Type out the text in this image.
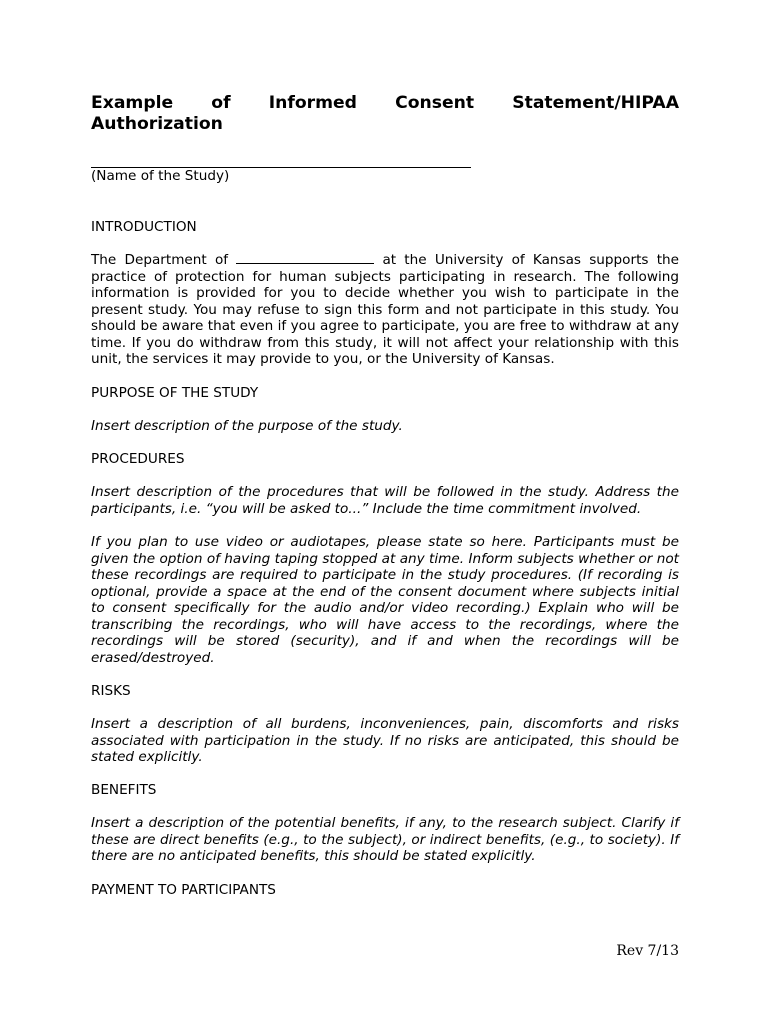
Example of Informed Consent Statement/HIPAA Authorization
(Name of the Study)
INTRODUCTION

The Department of	at the University of Kansas supports the practice of protection for human subjects participating in research. The following information is provided for you to decide whether you wish to participate in the present study. You may refuse to sign this form and not participate in this study. You should be aware that even if you agree to participate, you are free to withdraw at any time. If you do withdraw from this study, it will not affect your relationship with this unit, the services it may provide to you, or the University of Kansas.

PURPOSE OF THE STUDY

Insert description of the purpose of the study.

PROCEDURES

Insert description of the procedures that will be followed in the study. Address the participants, i.e. “you will be asked to...” Include the time commitment involved.

If you plan to use video or audiotapes, please state so here. Participants must be given the option of having taping stopped at any time. Inform subjects whether or not these recordings are required to participate in the study procedures. (If recording is optional, provide a space at the end of the consent document where subjects initial to consent specifically for the audio and/or video recording.) Explain who will be transcribing the recordings, who will have access to the recordings, where the recordings will be stored (security), and if and when the recordings will be erased/destroyed.

RISKS

Insert a description of all burdens, inconveniences, pain, discomforts and risks associated with participation in the study. If no risks are anticipated, this should be stated explicitly.

BENEFITS

Insert a description of the potential benefits, if any, to the research subject. Clarify if these are direct benefits (e.g., to the subject), or indirect benefits, (e.g., to society). If there are no anticipated benefits, this should be stated explicitly.

PAYMENT TO PARTICIPANTS
Rev 7/13
